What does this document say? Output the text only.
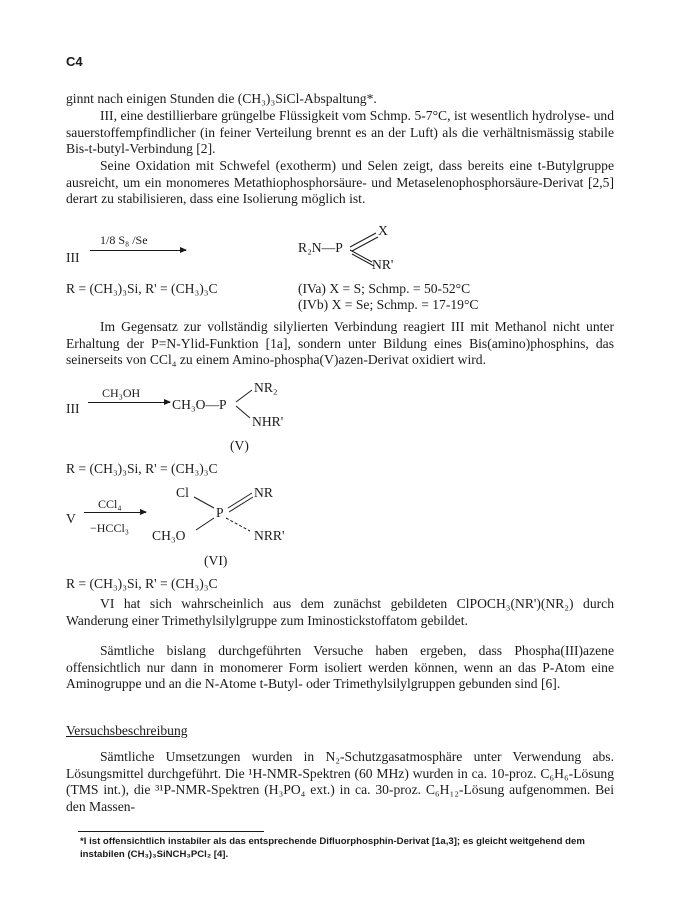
C4
ginnt nach einigen Stunden die (CH₃)₃SiCl-Abspaltung*.
III, eine destillierbare grüngelbe Flüssigkeit vom Schmp. 5-7°C, ist wesentlich hydrolyse- und sauerstoffempfindlicher (in feiner Verteilung brennt es an der Luft) als die verhältnismässig stabile Bis-t-butyl-Verbindung [2].
Seine Oxidation mit Schwefel (exotherm) und Selen zeigt, dass bereits eine t-Butylgruppe ausreicht, um ein monomeres Metathiophosphorsäure- und Metaselenophosphorsäure-Derivat [2,5] derart zu stabilisieren, dass eine Isolierung möglich ist.
III
1/8 S₈ /Se	R₂N—P
X
NR'
R = (CH₃)₃Si, R' = (CH₃)₃C	(IVa) X = S; Schmp. = 50-52°C
(IVb) X = Se; Schmp. = 17-19°C
Im Gegensatz zur vollständig silylierten Verbindung reagiert III mit Methanol nicht unter Erhaltung der P=N-Ylid-Funktion [1a], sondern unter Bildung eines Bis(amino)phosphins, das seinerseits von CCl₄ zu einem Amino-phospha(V)azen-Derivat oxidiert wird.
III
CH₃OH
CH₃O—P
NR₂
NHR'
(V)
R = (CH₃)₃Si, R' = (CH₃)₃C
Cl	NR
V
CCl₄
−HCCl₃
P
CH₃O	NRR'
(VI)
R = (CH₃)₃Si, R' = (CH₃)₃C
VI hat sich wahrscheinlich aus dem zunächst gebildeten ClPOCH₃(NR')(NR₂) durch Wanderung einer Trimethylsilylgruppe zum Iminostickstoffatom gebildet.
Sämtliche bislang durchgeführten Versuche haben ergeben, dass Phospha(III)azene offensichtlich nur dann in monomerer Form isoliert werden können, wenn an das P-Atom eine Aminogruppe und an die N-Atome t-Butyl- oder Trimethylsilylgruppen gebunden sind [6].
Versuchsbeschreibung
Sämtliche Umsetzungen wurden in N₂-Schutzgasatmosphäre unter Verwendung abs. Lösungsmittel durchgeführt. Die ¹H-NMR-Spektren (60 MHz) wurden in ca. 10-proz. C₆H₆-Lösung (TMS int.), die ³¹P-NMR-Spektren (H₃PO₄ ext.) in ca. 30-proz. C₆H₁₂-Lösung aufgenommen. Bei den Massen-
*I ist offensichtlich instabiler als das entsprechende Difluorphosphin-Derivat [1a,3]; es gleicht weitgehend dem instabilen (CH₃)₃SiNCH₃PCl₂ [4].
